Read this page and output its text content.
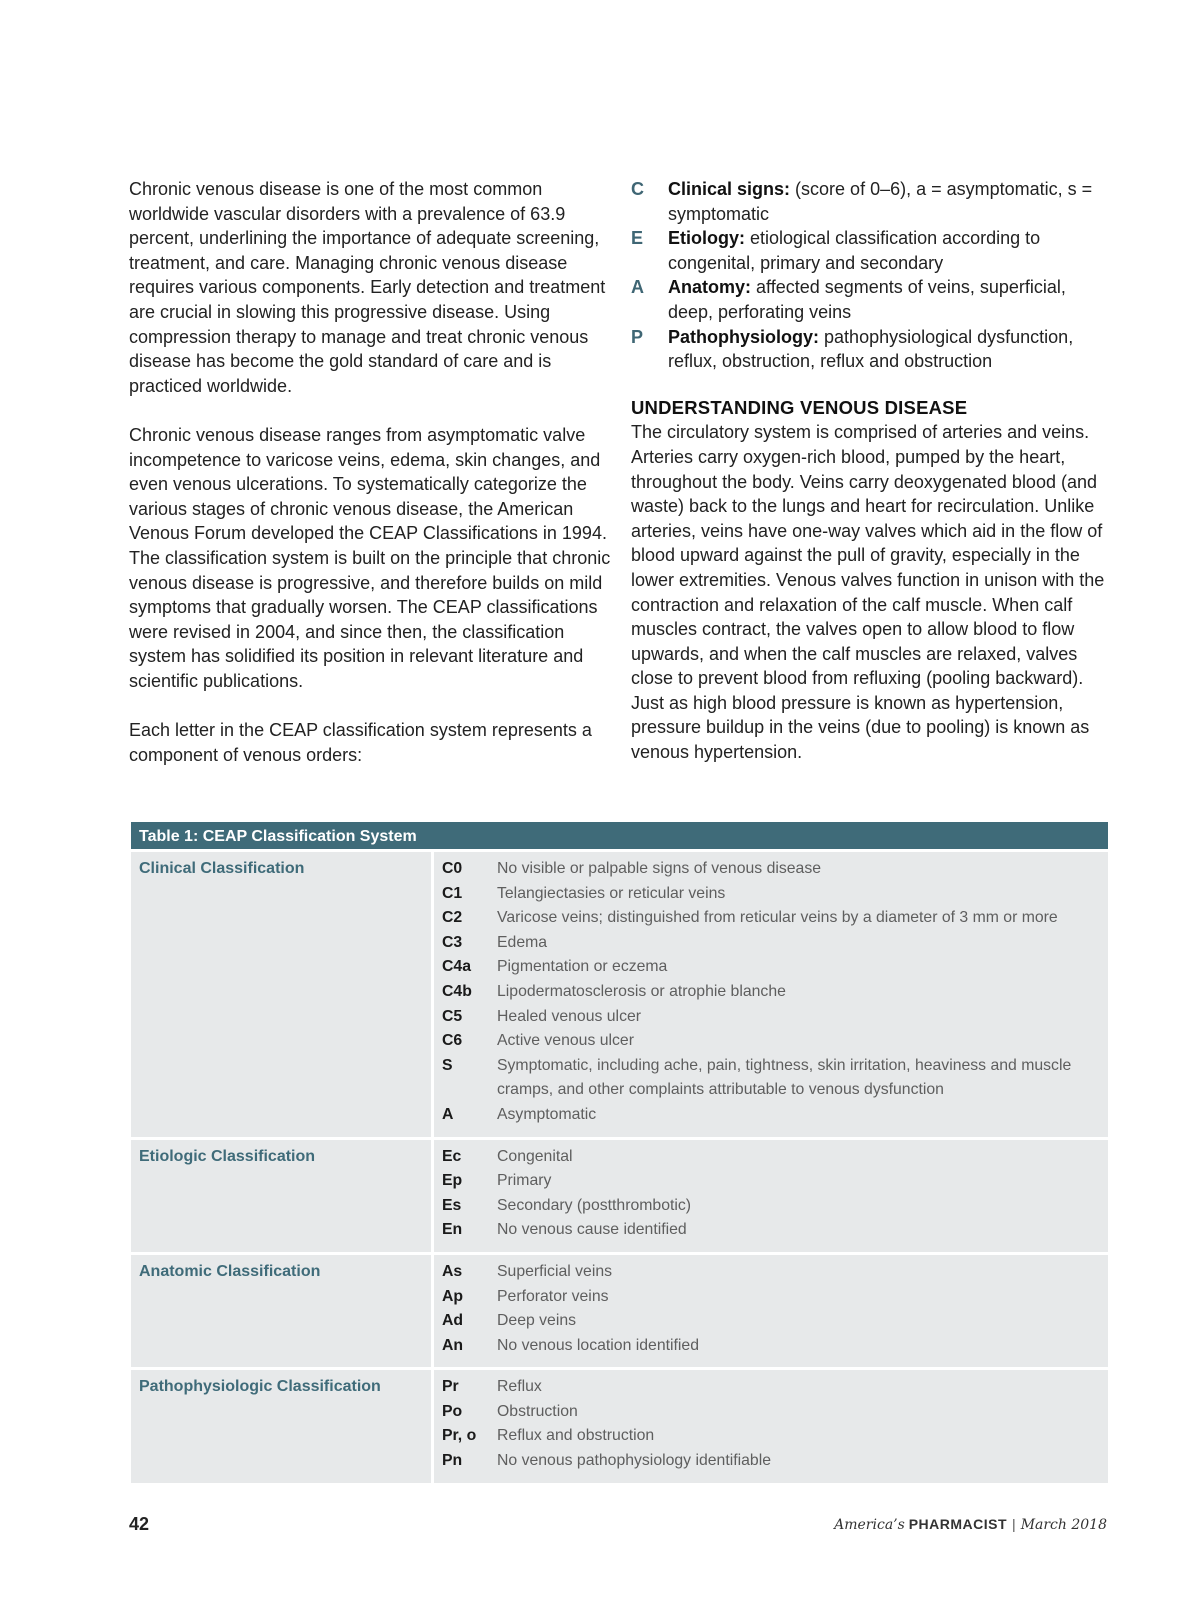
Chronic venous disease is one of the most common worldwide vascular disorders with a prevalence of 63.9 percent, underlining the importance of adequate screening, treatment, and care. Managing chronic venous disease requires various components. Early detection and treatment are crucial in slowing this progressive disease. Using compression therapy to manage and treat chronic venous disease has become the gold standard of care and is practiced worldwide.

Chronic venous disease ranges from asymptomatic valve incompetence to varicose veins, edema, skin changes, and even venous ulcerations. To systematically categorize the various stages of chronic venous disease, the American Venous Forum developed the CEAP Classifications in 1994. The classification system is built on the principle that chronic venous disease is progressive, and therefore builds on mild symptoms that gradually worsen. The CEAP classifications were revised in 2004, and since then, the classification system has solidified its position in relevant literature and scientific publications.

Each letter in the CEAP classification system represents a component of venous orders:

C	Clinical signs: (score of 0–6), a = asymptomatic, s = symptomatic
E	Etiology: etiological classification according to congenital, primary and secondary
A	Anatomy: affected segments of veins, superficial, deep, perforating veins
P	Pathophysiology: pathophysiological dysfunction, reflux, obstruction, reflux and obstruction
UNDERSTANDING VENOUS DISEASE

The circulatory system is comprised of arteries and veins. Arteries carry oxygen-rich blood, pumped by the heart, throughout the body. Veins carry deoxygenated blood (and waste) back to the lungs and heart for recirculation. Unlike arteries, veins have one-way valves which aid in the flow of blood upward against the pull of gravity, especially in the lower extremities. Venous valves function in unison with the contraction and relaxation of the calf muscle. When calf muscles contract, the valves open to allow blood to flow upwards, and when the calf muscles are relaxed, valves close to prevent blood from refluxing (pooling backward). Just as high blood pressure is known as hypertension, pressure buildup in the veins (due to pooling) is known as venous hypertension.

Table 1: CEAP Classification System
Clinical Classification	C0	No visible or palpable signs of venous disease
C1	Telangiectasies or reticular veins
C2	Varicose veins; distinguished from reticular veins by a diameter of 3 mm or more
C3	Edema
C4a	Pigmentation or eczema
C4b	Lipodermatosclerosis or atrophie blanche
C5	Healed venous ulcer
C6	Active venous ulcer
S	Symptomatic, including ache, pain, tightness, skin irritation, heaviness and muscle cramps, and other complaints attributable to venous dysfunction
A	Asymptomatic
Etiologic Classification	Ec	Congenital
Ep	Primary
Es	Secondary (postthrombotic)
En	No venous cause identified
Anatomic Classification	As	Superficial veins
Ap	Perforator veins
Ad	Deep veins
An	No venous location identified
Pathophysiologic Classification	Pr	Reflux
Po	Obstruction
Pr, o	Reflux and obstruction
Pn	No venous pathophysiology identifiable
42	America’s PHARMACIST | March 2018
